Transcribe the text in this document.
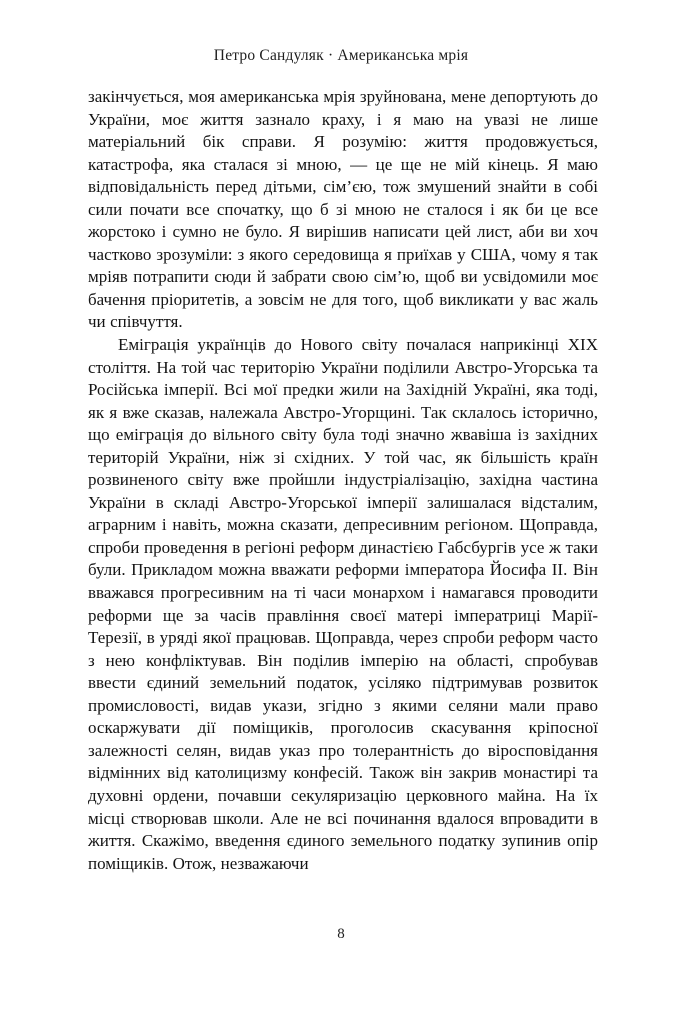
Петро Сандуляк · Американська мрія

закінчується, моя американська мрія зруйнована, мене депортують до України, моє життя зазнало краху, і я маю на увазі не лише матеріальний бік справи. Я розумію: життя продовжується, катастрофа, яка сталася зі мною, — це ще не мій кінець. Я маю відповідальність перед дітьми, сім’єю, тож змушений знайти в собі сили почати все спочатку, що б зі мною не сталося і як би це все жорстоко і сумно не було. Я вирішив написати цей лист, аби ви хоч частково зрозуміли: з якого середовища я приїхав у США, чому я так мріяв потрапити сюди й забрати свою сім’ю, щоб ви усвідомили моє бачення пріоритетів, а зовсім не для того, щоб викликати у вас жаль чи співчуття.

Еміграція українців до Нового світу почалася наприкінці XIX століття. На той час територію України поділили Австро-Угорська та Російська імперії. Всі мої предки жили на Західній Україні, яка тоді, як я вже сказав, належала Австро-Угорщині. Так склалось історично, що еміграція до вільного світу була тоді значно жвавіша із західних територій України, ніж зі східних. У той час, як більшість країн розвиненого світу вже пройшли індустріалізацію, західна частина України в складі Австро-Угорської імперії залишалася відсталим, аграрним і навіть, можна сказати, депресивним регіоном. Щоправда, спроби проведення в регіоні реформ династією Габсбургів усе ж таки були. Прикладом можна вважати реформи імператора Йосифа II. Він вважався прогресивним на ті часи монархом і намагався проводити реформи ще за часів правління своєї матері імператриці Марії-Терезії, в уряді якої працював. Щоправда, через спроби реформ часто з нею конфліктував. Він поділив імперію на області, спробував ввести єдиний земельний податок, усіляко підтримував розвиток промисловості, видав укази, згідно з якими селяни мали право оскаржувати дії поміщиків, проголосив скасування кріпосної залежності селян, видав указ про толерантність до віросповідання відмінних від католицизму конфесій. Також він закрив монастирі та духовні ордени, почавши секуляризацію церковного майна. На їх місці створював школи. Але не всі починання вдалося впровадити в життя. Скажімо, введення єдиного земельного податку зупинив опір поміщиків. Отож, незважаючи

8
